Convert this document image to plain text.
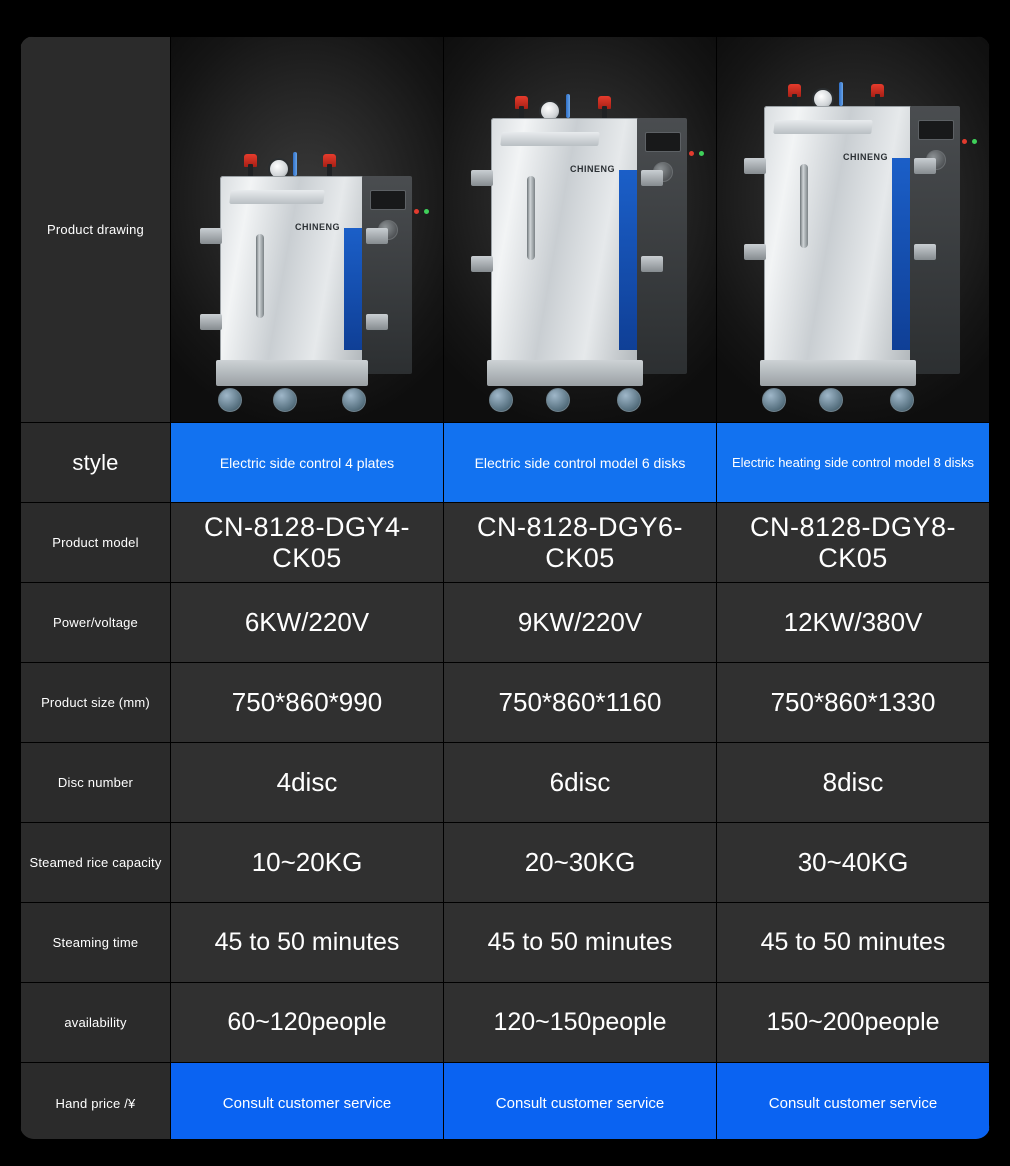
Product drawing	CHINENG	CHINENG	CHINENG

style	Electric side control 4 plates	Electric side control model 6 disks	Electric heating side control model 8 disks
Product model	CN-8128-DGY4-CK05	CN-8128-DGY6-CK05	CN-8128-DGY8-CK05
Power/voltage	6KW/220V	9KW/220V	12KW/380V
Product size (mm)	750*860*990	750*860*1160	750*860*1330
Disc number	4disc	6disc	8disc
Steamed rice capacity	10~20KG	20~30KG	30~40KG
Steaming time	45 to 50 minutes	45 to 50 minutes	45 to 50 minutes
availability	60~120people	120~150people	150~200people
Hand price /¥	Consult customer service	Consult customer service	Consult customer service
